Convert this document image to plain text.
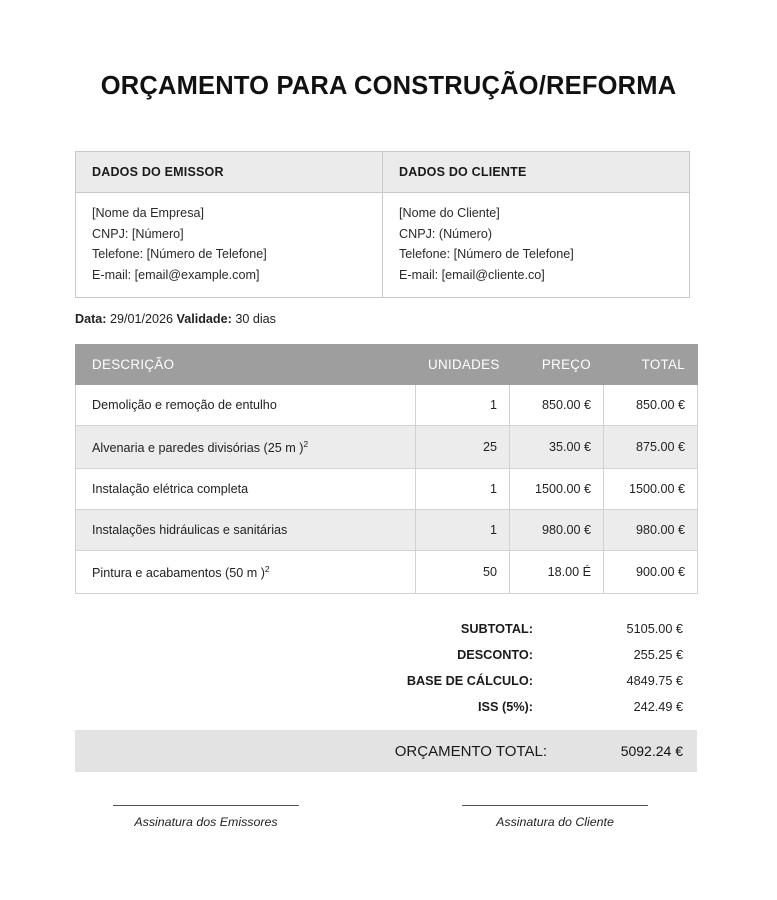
ORÇAMENTO PARA CONSTRUÇÃO/REFORMA
DADOS DO EMISSOR	DADOS DO CLIENTE

[Nome da Empresa]
CNPJ: [Número]
Telefone: [Número de Telefone]
E-mail: [email@example.com]

[Nome do Cliente]
CNPJ: (Número)
Telefone: [Número de Telefone]
E-mail: [email@cliente.co]
Data: 29/01/2026 Validade: 30 dias
DESCRIÇÃO	UNIDADES	PREÇO	TOTAL
Demolição e remoção de entulho	1	850.00 €	850.00 €
Alvenaria e paredes divisórias (25 m )$^2$	25	35.00 €	875.00 €
Instalação elétrica completa	1	1500.00 €	1500.00 €
Instalações hidráulicas e sanitárias	1	980.00 €	980.00 €
Pintura e acabamentos (50 m )$^2$	50	18.00 É	900.00 €
SUBTOTAL:	5105.00 €
DESCONTO:	255.25 €
BASE DE CÁLCULO:	4849.75 €
ISS (5%):	242.49 €
ORÇAMENTO TOTAL:	5092.24 €
Assinatura dos Emissores	Assinatura do Cliente
